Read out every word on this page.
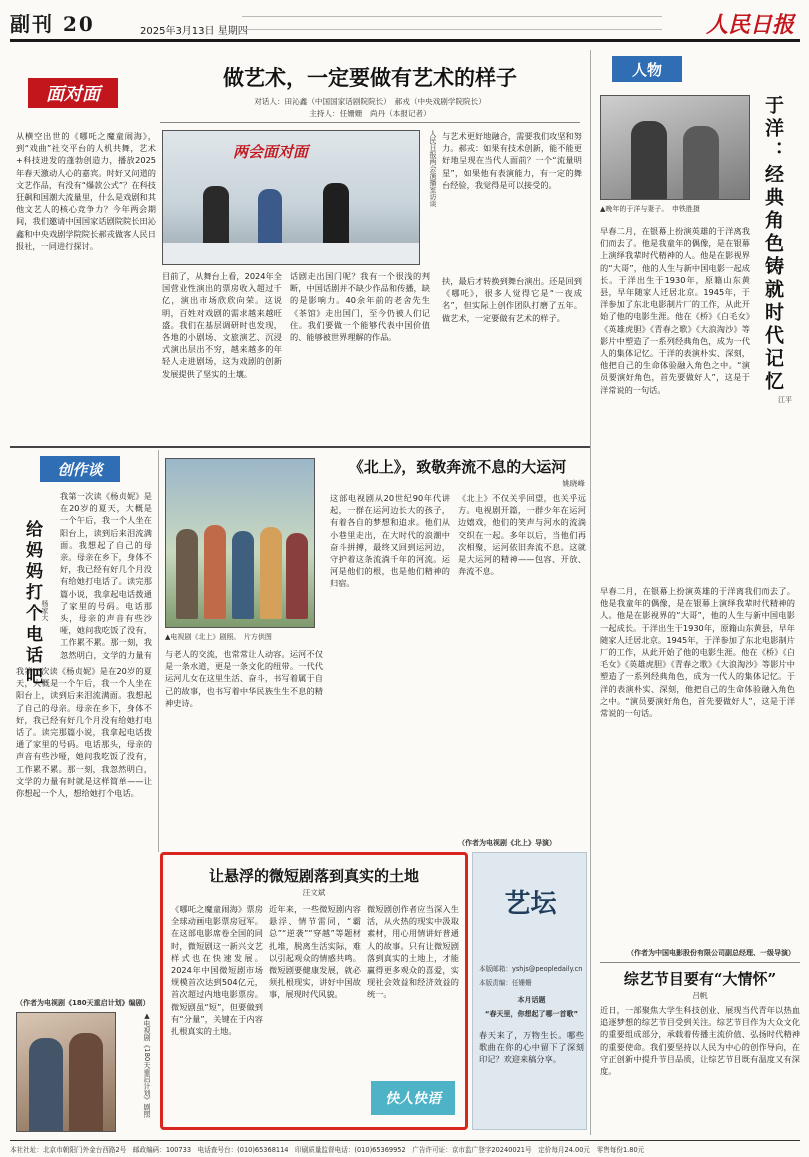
副刊 20	2025年3月13日 星期四	人民日报
面对面
做艺术，一定要做有艺术的样子
对话人：田沁鑫（中国国家话剧院院长）　郝戎（中央戏剧学院院长）
主持人：任姗姗　尚丹（本报记者）
从横空出世的《哪吒之魔童闹海》，到“戏曲”社交平台的人机共舞，艺术+科技进发的蓬勃创造力，播放2025年春天激动人心的嘉宾。时好又问道的文艺作品，有没有“爆款公式”？在科技狂飙和国潮大流量里，什么是戏剧和其他文艺人的核心竞争力？今年两会期间，我们邀请中国国家话剧院院长田沁鑫和中央戏剧学院院长郝戎做客人民日报社，一同进行探讨。
两会面对面	人民日报两会演播室访谈
目前了，从舞台上看，2024年全国营业性演出的票房收入超过千亿，演出市场欣欣向荣。这说明，百姓对戏剧的需求越来越旺盛。我们在基层调研时也发现，各地的小剧场、文旅演艺、沉浸式演出层出不穷，越来越多的年轻人走进剧场，这为戏剧的创新发展提供了坚实的土壤。
话剧走出国门呢？我有一个很浅的判断，中国话剧并不缺少作品和传播，缺的是影响力。40余年前的老舍先生《茶馆》走出国门，至今仍被人们记住。我们要做一个能够代表中国价值的、能够被世界理解的作品。
与艺术更好地融合，需要我们攻坚和努力。郝戎：如果有技术创新，能不能更好地呈现在当代人面前？一个“流量明星”，如果他有表演能力，有一定的舞台经验，我觉得是可以接受的。
扶，最后才转换到舞台演出。还是回到《哪吒》，很多人觉得它是“一夜成名”，但实际上创作团队打磨了五年。做艺术，一定要做有艺术的样子。
人物
于洋：经典角色铸就时代记忆
江平
▲晚年的于洋与妻子。　申铁胜摄
早春二月，在银幕上扮演英雄的于洋离我们而去了。他是我童年的偶像，是在银幕上演绎我辈时代精神的人。他是在影视界的“大哥”，他的人生与新中国电影一起成长。于洋出生于1930年，原籍山东黄县，早年随家人迁居北京。1945年，于洋参加了东北电影制片厂的工作，从此开始了他的电影生涯。他在《桥》《白毛女》《英雄虎胆》《青春之歌》《大浪淘沙》等影片中塑造了一系列经典角色，成为一代人的集体记忆。于洋的表演朴实、深刻，他把自己的生命体验融入角色之中。“演员要演好角色，首先要做好人”，这是于洋常说的一句话。
早春二月，在银幕上扮演英雄的于洋离我们而去了。他是我童年的偶像，是在银幕上演绎我辈时代精神的人。他是在影视界的“大哥”，他的人生与新中国电影一起成长。于洋出生于1930年，原籍山东黄县，早年随家人迁居北京。1945年，于洋参加了东北电影制片厂的工作，从此开始了他的电影生涯。他在《桥》《白毛女》《英雄虎胆》《青春之歌》《大浪淘沙》等影片中塑造了一系列经典角色，成为一代人的集体记忆。于洋的表演朴实、深刻，他把自己的生命体验融入角色之中。“演员要演好角色，首先要做好人”，这是于洋常说的一句话。
（作者为中国电影股份有限公司副总经理、一级导演）
综艺节目要有“大情怀”
吕帆
近日，一部聚焦大学生科技创业、展现当代青年以热血追逐梦想的综艺节目受到关注。综艺节目作为大众文化的重要组成部分，承载着传播主流价值、弘扬时代精神的重要使命。我们要坚持以人民为中心的创作导向，在守正创新中提升节目品质，让综艺节目既有温度又有深度。
创作谈
给妈妈打个电话吧 杨家大
我第一次读《杨贞妮》是在20岁的夏天，大概是一个午后，我一个人坐在阳台上，读到后来泪流满面。我想起了自己的母亲。母亲在乡下，身体不好，我已经有好几个月没有给她打电话了。读完那篇小说，我拿起电话拨通了家里的号码。电话那头，母亲的声音有些沙哑，她问我吃饭了没有，工作累不累。那一刻，我忽然明白，文学的力量有
我第一次读《杨贞妮》是在20岁的夏天，大概是一个午后，我一个人坐在阳台上，读到后来泪流满面。我想起了自己的母亲。母亲在乡下，身体不好，我已经有好几个月没有给她打电话了。读完那篇小说，我拿起电话拨通了家里的号码。电话那头，母亲的声音有些沙哑，她问我吃饭了没有，工作累不累。那一刻，我忽然明白，文学的力量有时就是这样简单——让你想起一个人，想给她打个电话。
（作者为电视剧《180天重启计划》编剧）
▲电视剧《180天重启计划》剧照
▲电视剧《北上》剧照。　片方供图
《北上》，致敬奔流不息的大运河
姚晓峰
这部电视剧从20世纪90年代讲起，一群在运河边长大的孩子，有着各自的梦想和追求。他们从小巷里走出，在大时代的浪潮中奋斗拼搏，最终又回到运河边，守护着这条流淌千年的河流。运河是他们的根，也是他们精神的归宿。
《北上》不仅关乎回望，也关乎远方。电视剧开篇，一群少年在运河边嬉戏，他们的笑声与河水的流淌交织在一起。多年以后，当他们再次相聚，运河依旧奔流不息。这就是大运河的精神——包容、开放、奔流不息。
与老人的交流，也常常让人动容。运河不仅是一条水道，更是一条文化的纽带。一代代运河儿女在这里生活、奋斗，书写着属于自己的故事，也书写着中华民族生生不息的精神史诗。
（作者为电视剧《北上》导演）
让悬浮的微短剧落到真实的土地
汪文斌
《哪吒之魔童闹海》票房全球动画电影票房冠军。在这部电影席卷全国的同时，微短剧这一新兴文艺样式也在快速发展。2024年中国微短剧市场规模首次达到504亿元，首次超过内地电影票房。微短剧虽“短”，但要做到有“分量”，关键在于内容扎根真实的土地。
近年来，一些微短剧内容悬浮、情节雷同，“霸总”“逆袭”“穿越”等题材扎堆，脱离生活实际，难以引起观众的情感共鸣。微短剧要健康发展，就必须扎根现实，讲好中国故事，展现时代风貌。
微短剧创作者应当深入生活，从火热的现实中汲取素材，用心用情讲好普通人的故事。只有让微短剧落到真实的土地上，才能赢得更多观众的喜爱，实现社会效益和经济效益的统一。
快人快语
艺坛
本版邮箱：yshjs@peopledaily.cn
本版责编：任姗姗
本月话题
“春天里，你想起了哪一首歌”
春天来了，万物生长。哪些歌曲在你的心中留下了深刻印记？欢迎来稿分享。
本社社址：北京市朝阳门外金台西路2号　邮政编码：100733　电话查号台：(010)65368114　印刷质量监督电话：(010)65369952　广告许可证：京市监广登字20240021号　定价每月24.00元　零售每份1.80元
